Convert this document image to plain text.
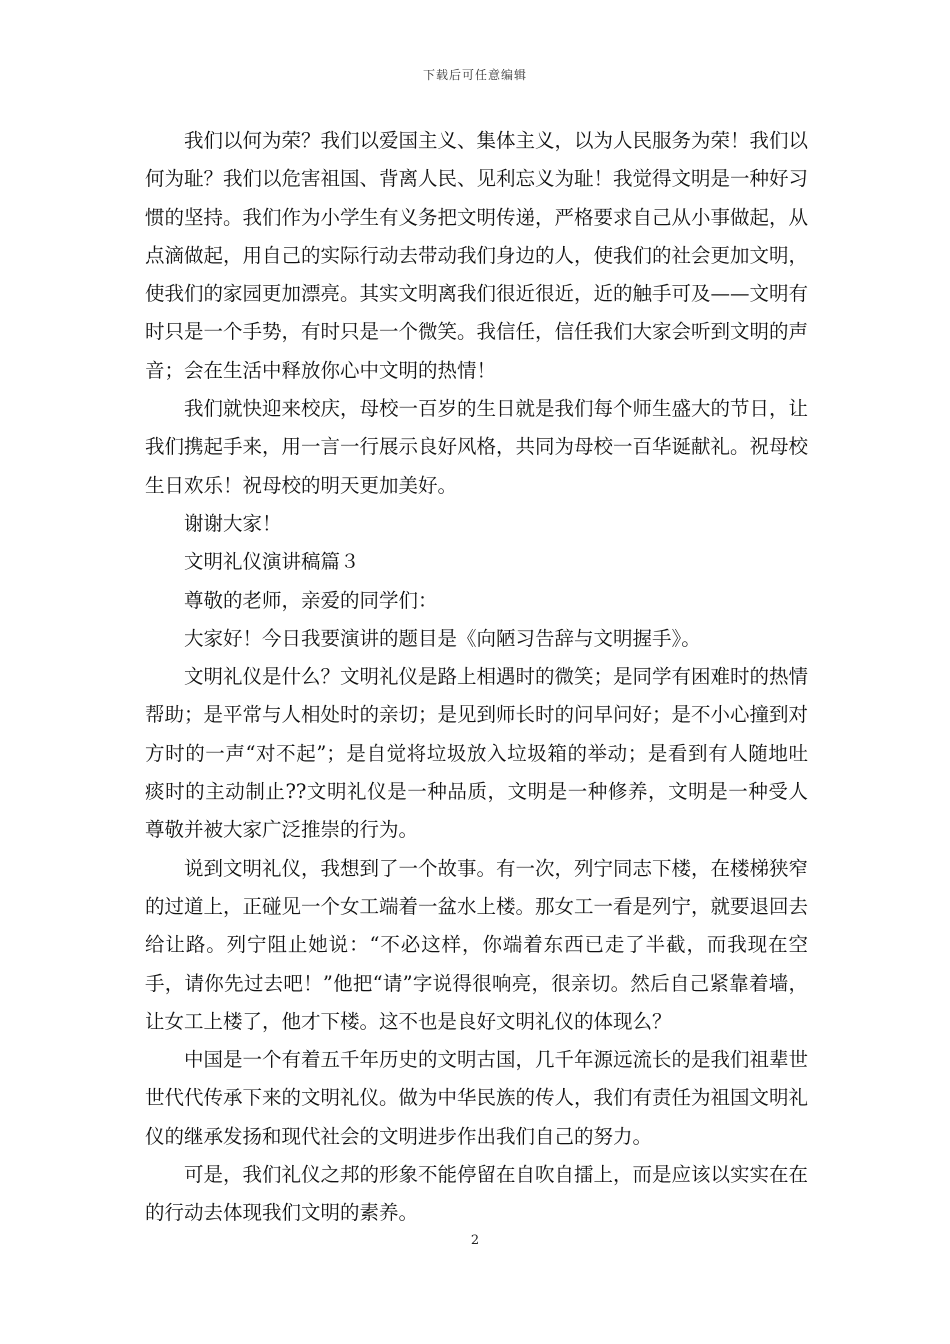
下载后可任意编辑

我们以何为荣？我们以爱国主义、集体主义，以为人民服务为荣！我们以何为耻？我们以危害祖国、背离人民、见利忘义为耻！我觉得文明是一种好习惯的坚持。我们作为小学生有义务把文明传递，严格要求自己从小事做起，从点滴做起，用自己的实际行动去带动我们身边的人，使我们的社会更加文明，使我们的家园更加漂亮。其实文明离我们很近很近，近的触手可及——文明有时只是一个手势，有时只是一个微笑。我信任，信任我们大家会听到文明的声音；会在生活中释放你心中文明的热情！

我们就快迎来校庆，母校一百岁的生日就是我们每个师生盛大的节日，让我们携起手来，用一言一行展示良好风格，共同为母校一百华诞献礼。祝母校生日欢乐！祝母校的明天更加美好。

谢谢大家！

文明礼仪演讲稿篇３

尊敬的老师，亲爱的同学们：

大家好！今日我要演讲的题目是《向陋习告辞与文明握手》。

文明礼仪是什么？文明礼仪是路上相遇时的微笑；是同学有困难时的热情帮助；是平常与人相处时的亲切；是见到师长时的问早问好；是不小心撞到对方时的一声“对不起”；是自觉将垃圾放入垃圾箱的举动；是看到有人随地吐痰时的主动制止??文明礼仪是一种品质，文明是一种修养，文明是一种受人尊敬并被大家广泛推崇的行为。

说到文明礼仪，我想到了一个故事。有一次，列宁同志下楼，在楼梯狭窄的过道上，正碰见一个女工端着一盆水上楼。那女工一看是列宁，就要退回去给让路。列宁阻止她说：“不必这样，你端着东西已走了半截，而我现在空手，请你先过去吧！”他把“请”字说得很响亮，很亲切。然后自己紧靠着墙，让女工上楼了，他才下楼。这不也是良好文明礼仪的体现么？

中国是一个有着五千年历史的文明古国，几千年源远流长的是我们祖辈世世代代传承下来的文明礼仪。做为中华民族的传人，我们有责任为祖国文明礼仪的继承发扬和现代社会的文明进步作出我们自己的努力。

可是，我们礼仪之邦的形象不能停留在自吹自擂上，而是应该以实实在在的行动去体现我们文明的素养。

2
